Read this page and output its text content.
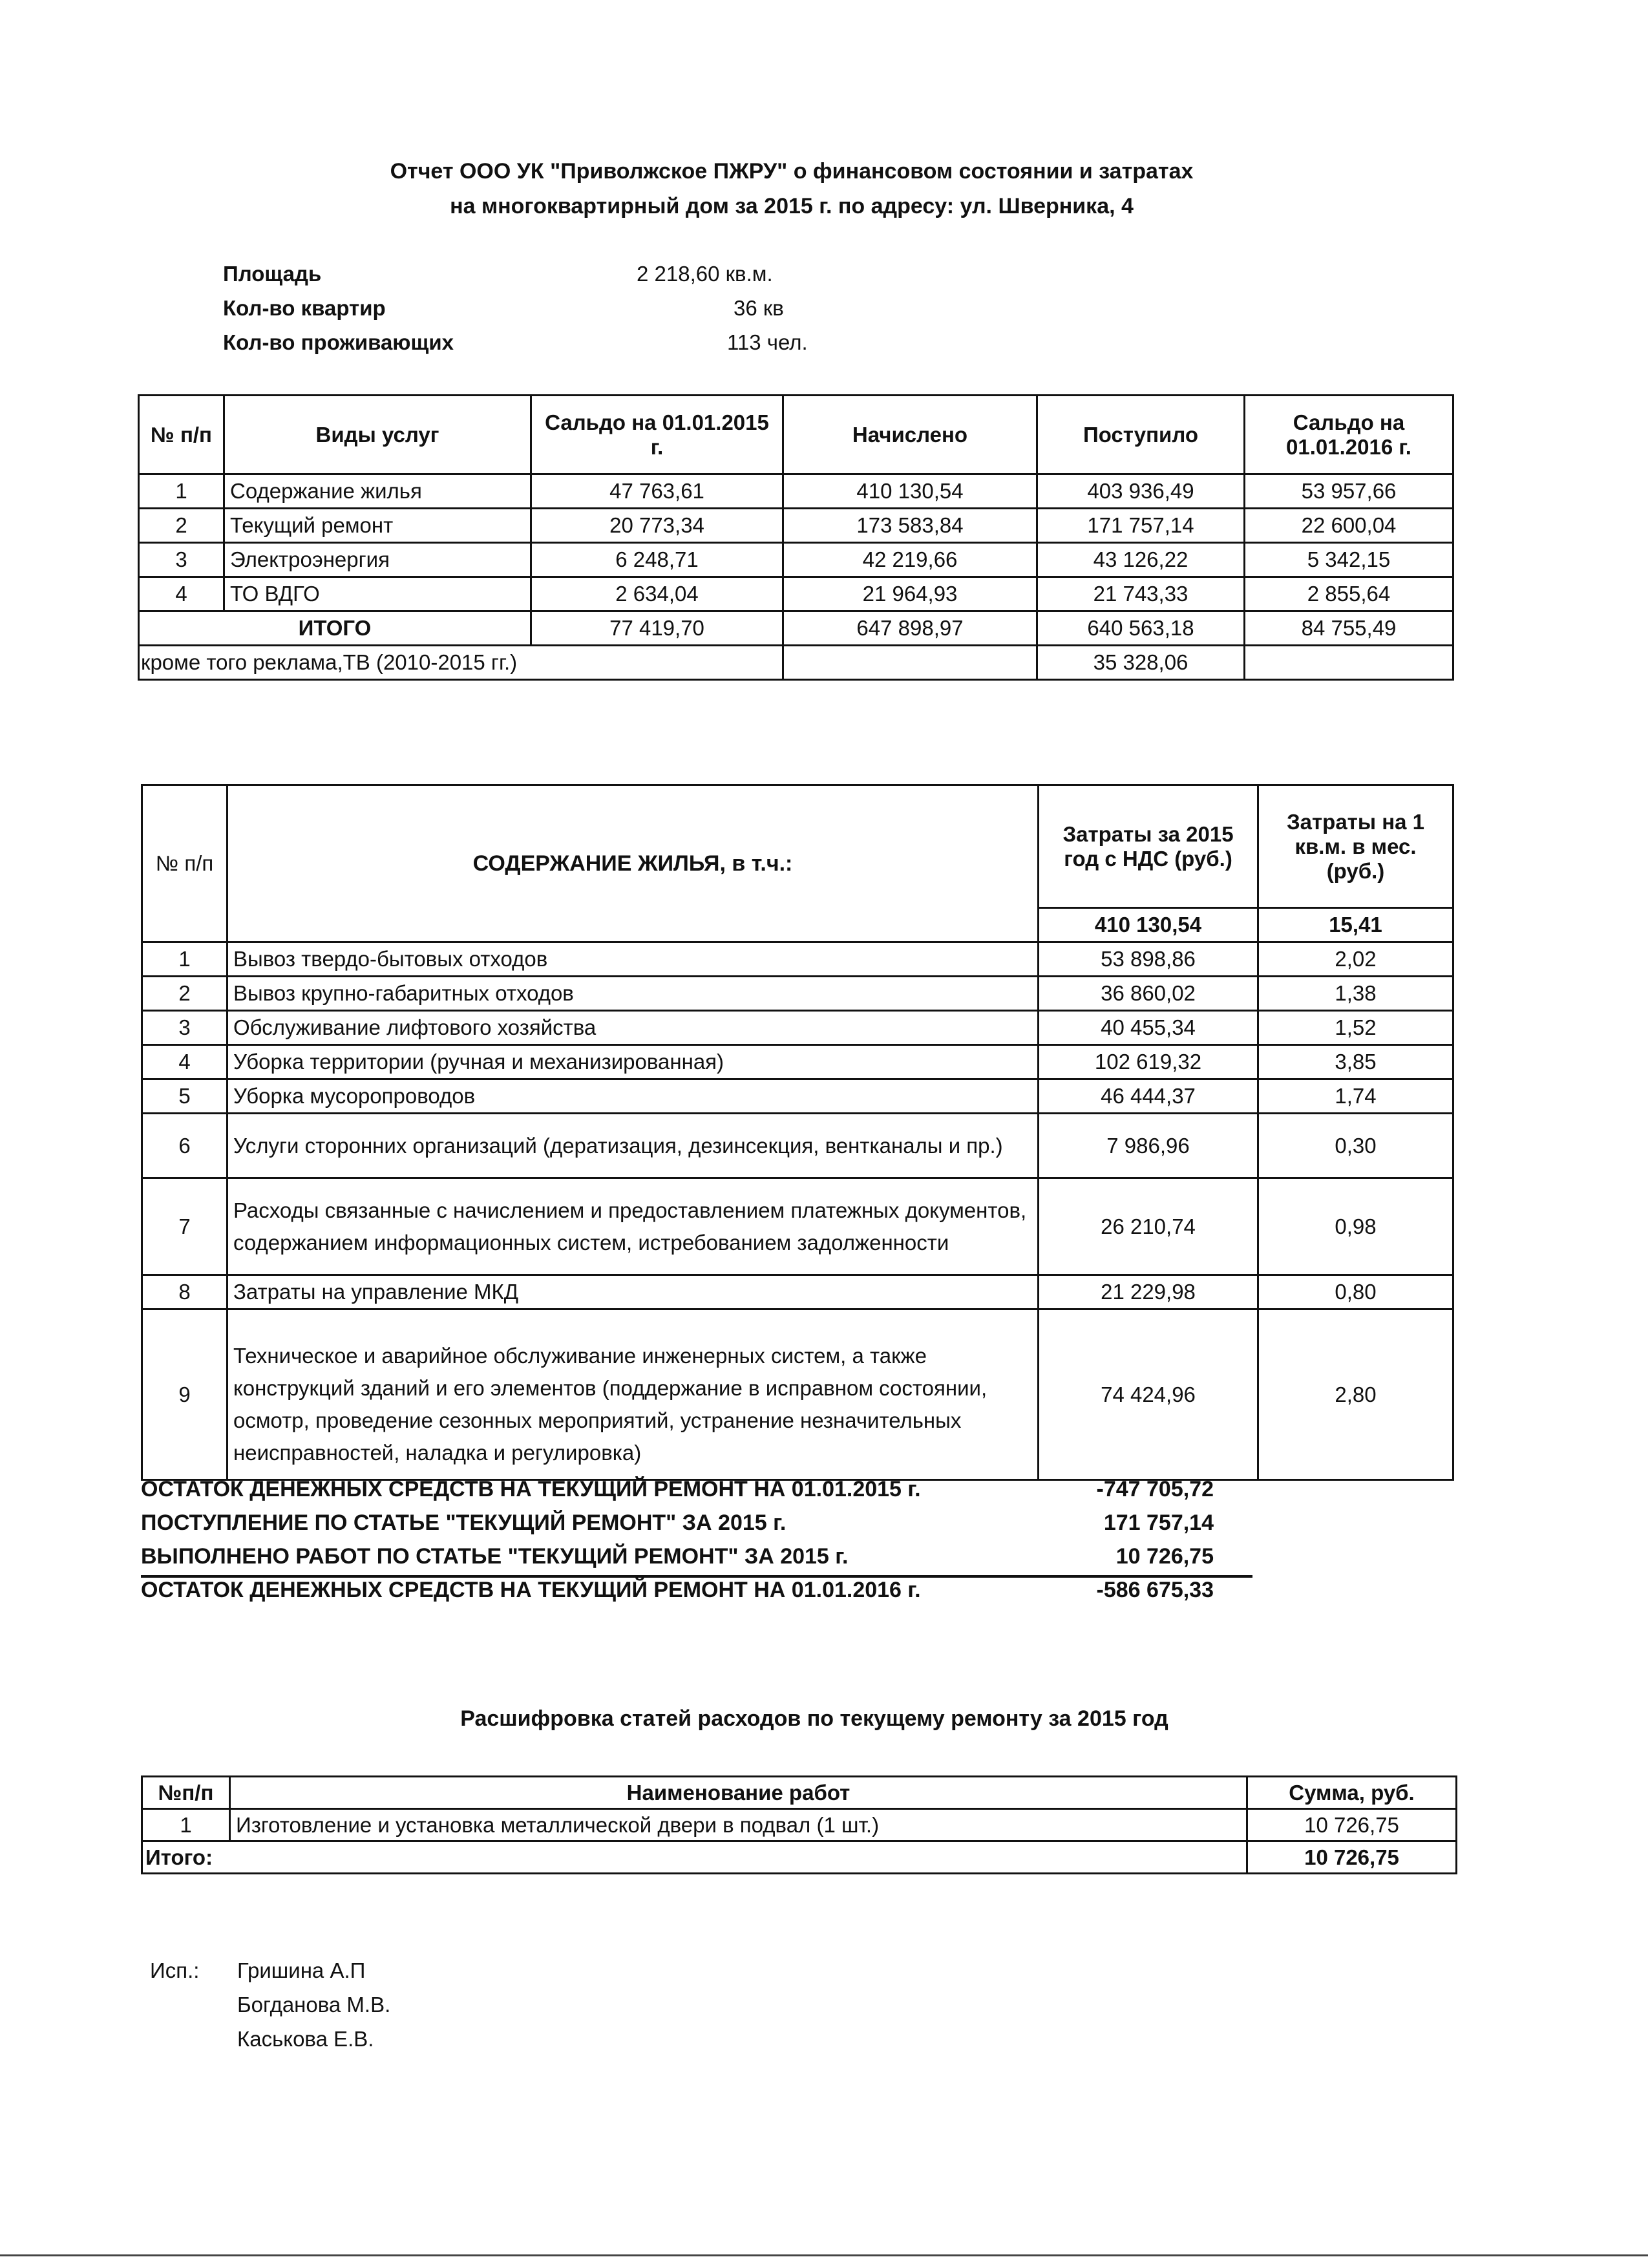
Отчет ООО УК "Приволжское ПЖРУ" о финансовом состоянии и затратах
на многоквартирный дом за 2015 г. по адресу: ул. Шверника, 4
Площадь	2 218,60 кв.м.
Кол-во квартир	36 кв
Кол-во проживающих	113 чел.
№ п/п	Виды услуг	Сальдо на 01.01.2015 г.	Начислено	Поступило	Сальдо на 01.01.2016 г.
1	Содержание жилья	47 763,61	410 130,54	403 936,49	53 957,66
2	Текущий ремонт	20 773,34	173 583,84	171 757,14	22 600,04
3	Электроэнергия	6 248,71	42 219,66	43 126,22	5 342,15
4	ТО ВДГО	2 634,04	21 964,93	21 743,33	2 855,64
ИТОГО		77 419,70	647 898,97	640 563,18	84 755,49
кроме того реклама,ТВ (2010-2015 гг.)				35 328,06	
№ п/п	СОДЕРЖАНИЕ ЖИЛЬЯ, в т.ч.:	Затраты за 2015 год с НДС (руб.)	Затраты на 1 кв.м. в мес. (руб.)
		410 130,54	15,41
1	Вывоз твердо-бытовых отходов	53 898,86	2,02
2	Вывоз крупно-габаритных отходов	36 860,02	1,38
3	Обслуживание лифтового хозяйства	40 455,34	1,52
4	Уборка территории (ручная и механизированная)	102 619,32	3,85
5	Уборка мусоропроводов	46 444,37	1,74
6	Услуги сторонних организаций (дератизация, дезинсекция, вентканалы и пр.)	7 986,96	0,30
7	Расходы связанные с начислением и предоставлением платежных документов, содержанием информационных систем, истребованием задолженности	26 210,74	0,98
8	Затраты на управление МКД	21 229,98	0,80
9	Техническое и аварийное обслуживание инженерных систем, а также конструкций зданий и его элементов (поддержание в исправном состоянии, осмотр, проведение сезонных мероприятий, устранение незначительных неисправностей, наладка и регулировка)	74 424,96	2,80
ОСТАТОК ДЕНЕЖНЫХ СРЕДСТВ НА ТЕКУЩИЙ РЕМОНТ НА 01.01.2015 г.	-747 705,72
ПОСТУПЛЕНИЕ ПО СТАТЬЕ "ТЕКУЩИЙ РЕМОНТ" ЗА 2015 г.	171 757,14
ВЫПОЛНЕНО РАБОТ ПО СТАТЬЕ "ТЕКУЩИЙ РЕМОНТ" ЗА 2015 г.	10 726,75
ОСТАТОК ДЕНЕЖНЫХ СРЕДСТВ НА ТЕКУЩИЙ РЕМОНТ НА 01.01.2016 г.	-586 675,33
Расшифровка статей расходов по текущему ремонту за 2015 год
№п/п	Наименование работ	Сумма, руб.
1	Изготовление и установка металлической двери в подвал (1 шт.)	10 726,75
Итого:		10 726,75
Исп.: Гришина А.П
Богданова М.В.
Каськова Е.В.
